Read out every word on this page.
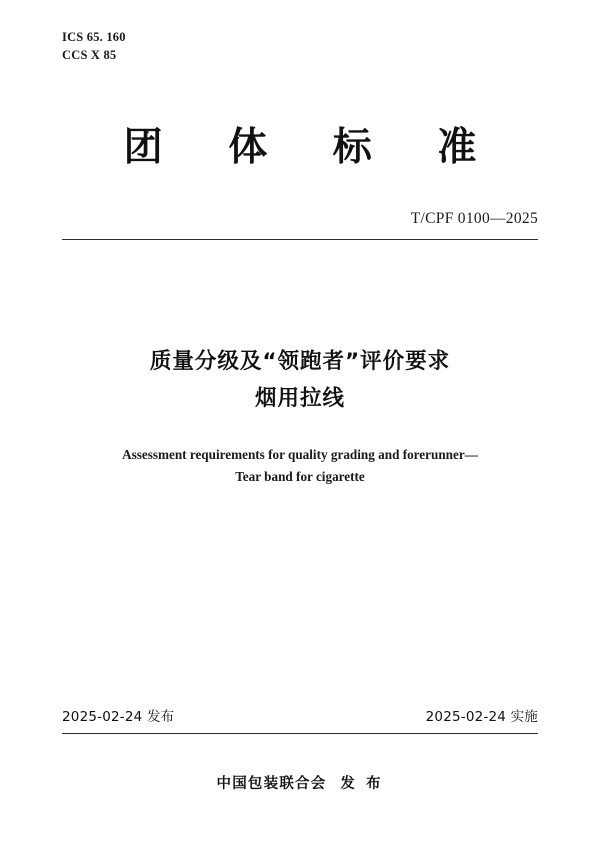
ICS 65. 160
CCS X 85
团 体 标 准
T/CPF 0100—2025
质量分级及“领跑者”评价要求
烟用拉线
Assessment requirements for quality grading and forerunner—
Tear band for cigarette
2025-02-24 发布	2025-02-24 实施
中国包装联合会 发 布
